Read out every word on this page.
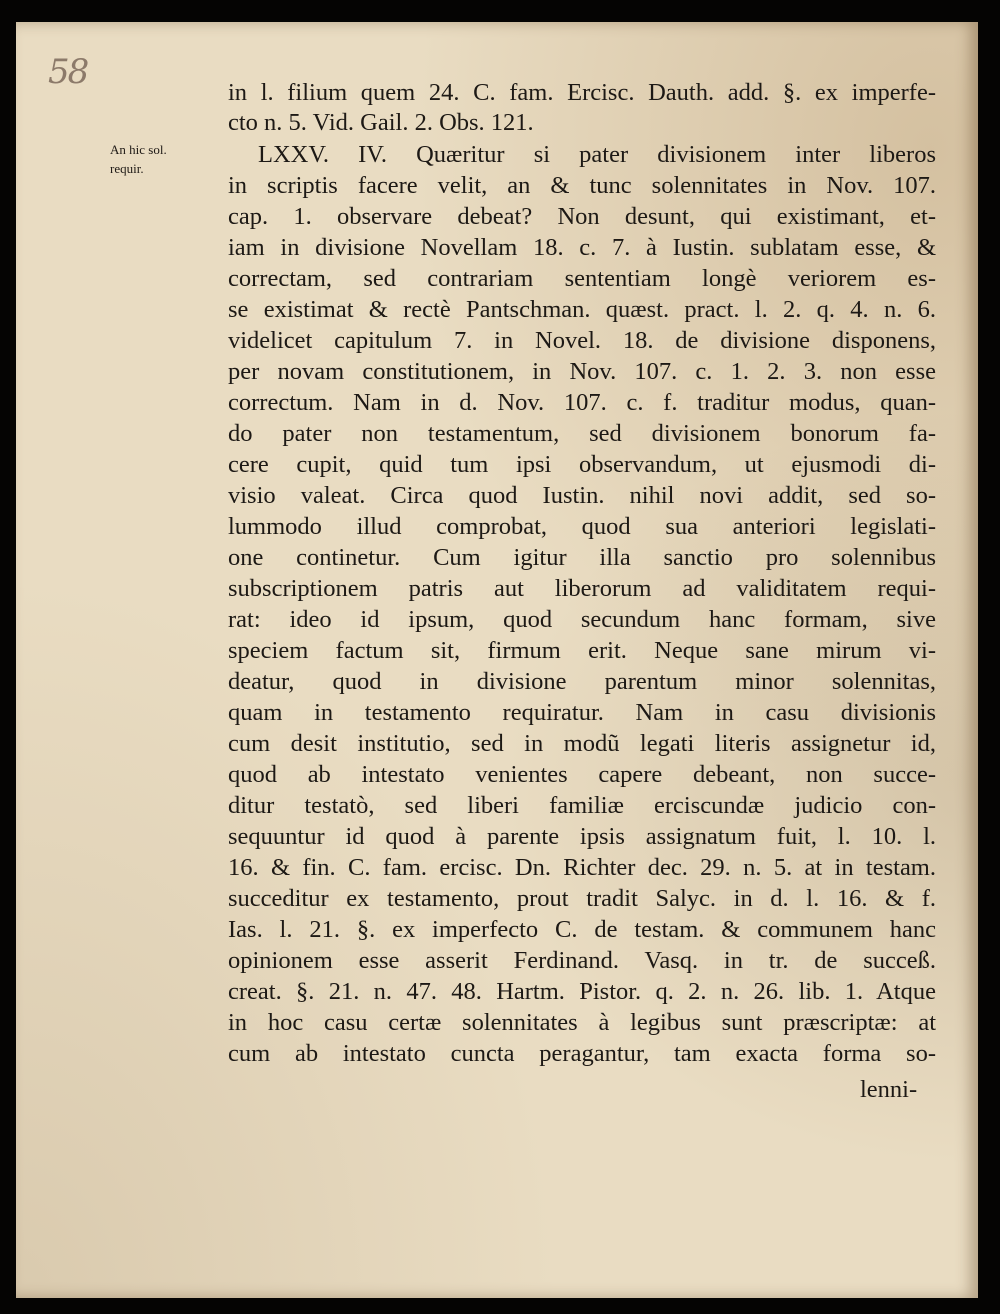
58
An hic sol.
requir.
in l. filium quem 24. C. fam. Ercisc. Dauth. add. §. ex imperfe-
cto n. 5. Vid. Gail. 2. Obs. 121.
LXXV. IV. Quæritur si pater divisionem inter liberos
in scriptis facere velit, an & tunc solennitates in Nov. 107.
cap. 1. observare debeat? Non desunt, qui existimant, et-
iam in divisione Novellam 18. c. 7. à Iustin. sublatam esse, &
correctam, sed contrariam sententiam longè veriorem es-
se existimat & rectè Pantschman. quæst. pract. l. 2. q. 4. n. 6.
videlicet capitulum 7. in Novel. 18. de divisione disponens,
per novam constitutionem, in Nov. 107. c. 1. 2. 3. non esse
correctum. Nam in d. Nov. 107. c. f. traditur modus, quan-
do pater non testamentum, sed divisionem bonorum fa-
cere cupit, quid tum ipsi observandum, ut ejusmodi di-
visio valeat. Circa quod Iustin. nihil novi addit, sed so-
lummodo illud comprobat, quod sua anteriori legislati-
one continetur. Cum igitur illa sanctio pro solennibus
subscriptionem patris aut liberorum ad validitatem requi-
rat: ideo id ipsum, quod secundum hanc formam, sive
speciem factum sit, firmum erit. Neque sane mirum vi-
deatur, quod in divisione parentum minor solennitas,
quam in testamento requiratur. Nam in casu divisionis
cum desit institutio, sed in modũ legati literis assignetur id,
quod ab intestato venientes capere debeant, non succe-
ditur testatò, sed liberi familiæ erciscundæ judicio con-
sequuntur id quod à parente ipsis assignatum fuit, l. 10. l.
16. & fin. C. fam. ercisc. Dn. Richter dec. 29. n. 5. at in testam.
succeditur ex testamento, prout tradit Salyc. in d. l. 16. & f.
Ias. l. 21. §. ex imperfecto C. de testam. & communem hanc
opinionem esse asserit Ferdinand. Vasq. in tr. de succeß.
creat. §. 21. n. 47. 48. Hartm. Pistor. q. 2. n. 26. lib. 1. Atque
in hoc casu certæ solennitates à legibus sunt præscriptæ: at
cum ab intestato cuncta peragantur, tam exacta forma so-
lenni-
